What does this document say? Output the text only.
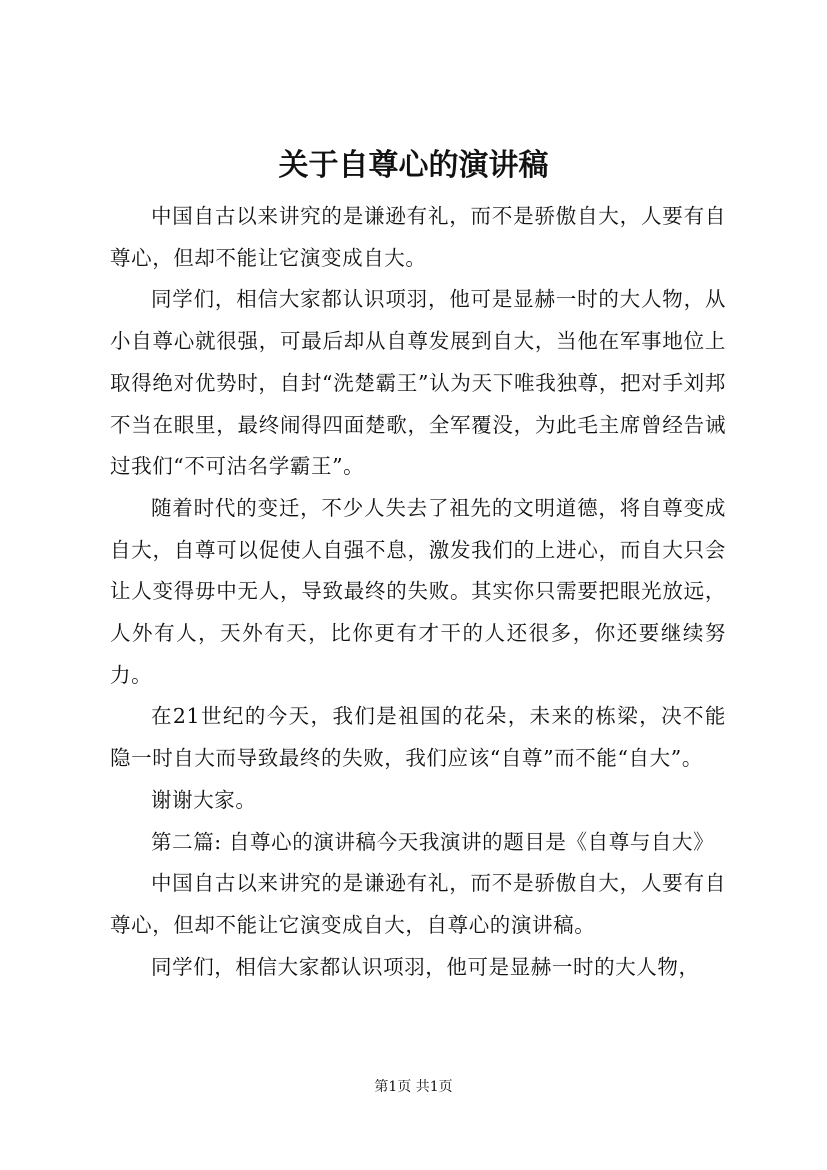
关于自尊心的演讲稿

中国自古以来讲究的是谦逊有礼，而不是骄傲自大，人要有自尊心，但却不能让它演变成自大。

同学们，相信大家都认识项羽，他可是显赫一时的大人物，从小自尊心就很强，可最后却从自尊发展到自大，当他在军事地位上取得绝对优势时，自封“洗楚霸王”认为天下唯我独尊，把对手刘邦不当在眼里，最终闹得四面楚歌，全军覆没，为此毛主席曾经告诫过我们“不可沽名学霸王”。

随着时代的变迁，不少人失去了祖先的文明道德，将自尊变成自大，自尊可以促使人自强不息，激发我们的上进心，而自大只会让人变得毋中无人，导致最终的失败。其实你只需要把眼光放远，人外有人，天外有天，比你更有才干的人还很多，你还要继续努力。

在21世纪的今天，我们是祖国的花朵，未来的栋梁，决不能隐一时自大而导致最终的失败，我们应该“自尊”而不能“自大”。

谢谢大家。

第二篇: 自尊心的演讲稿今天我演讲的题目是《自尊与自大》

中国自古以来讲究的是谦逊有礼，而不是骄傲自大，人要有自尊心，但却不能让它演变成自大，自尊心的演讲稿。

同学们，相信大家都认识项羽，他可是显赫一时的大人物，

第1页 共1页
